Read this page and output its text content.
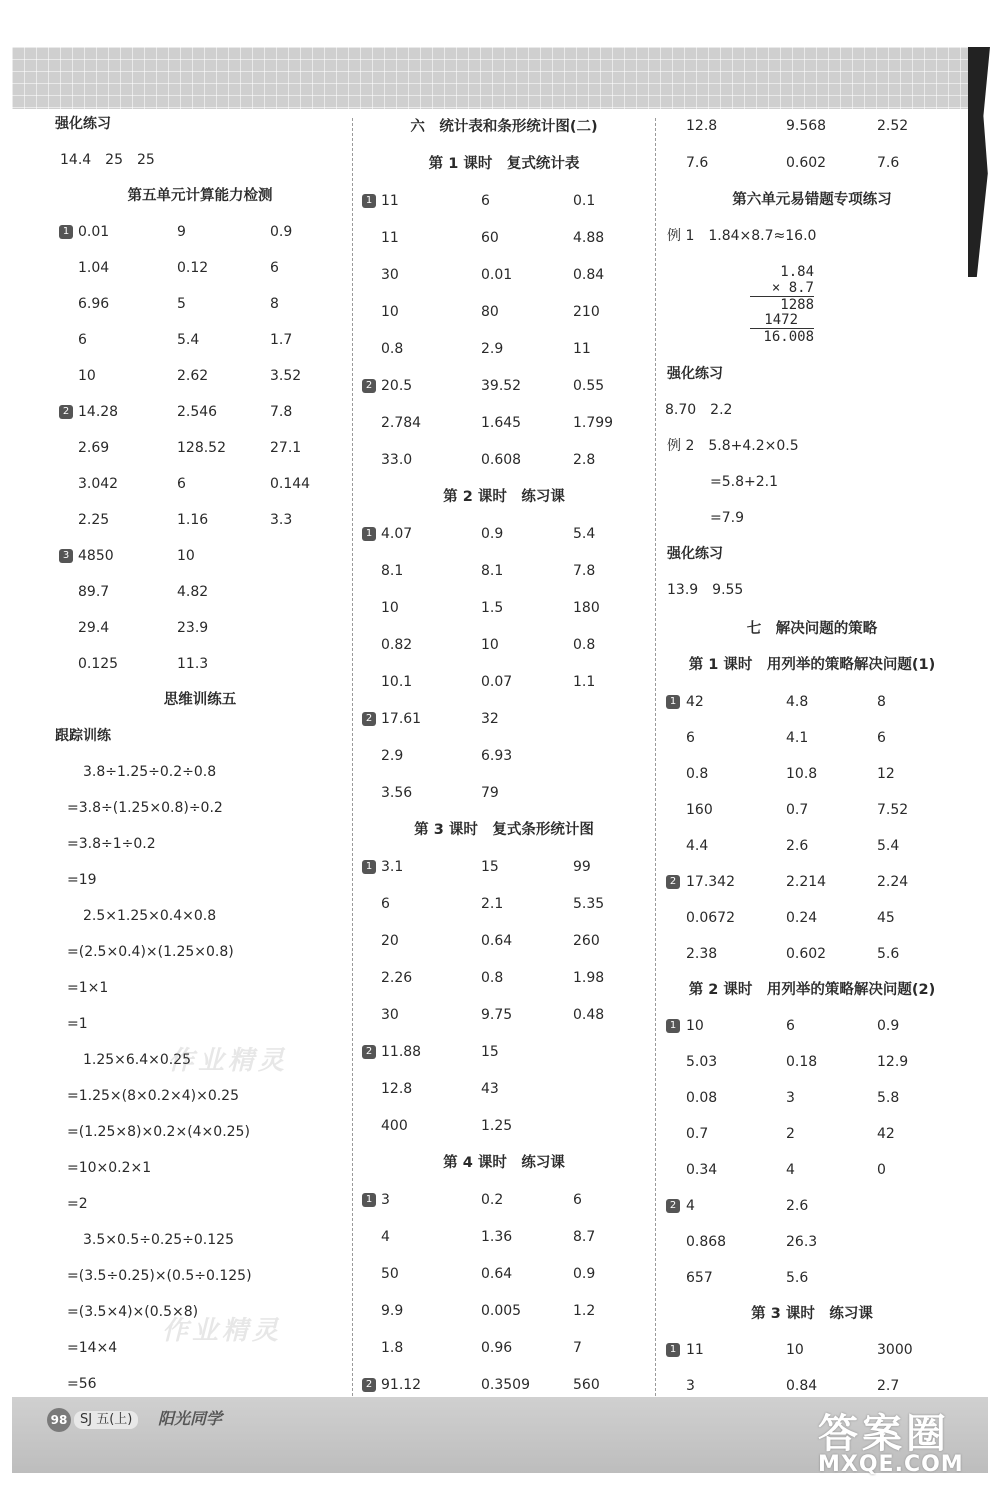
强化练习
14.4　25　25
第五单元计算能力检测
1 0.01	9	0.9
1.04	0.12	6
6.96	5	8
6	5.4	1.7
10	2.62	3.52
2 14.28	2.546	7.8
2.69	128.52	27.1
3.042	6	0.144
2.25	1.16	3.3
3 4850	10
89.7	4.82
29.4	23.9
0.125	11.3
思维训练五
跟踪训练
3.8÷1.25÷0.2÷0.8
=3.8÷(1.25×0.8)÷0.2
=3.8÷1÷0.2
=19
2.5×1.25×0.4×0.8
=(2.5×0.4)×(1.25×0.8)
=1×1
=1
1.25×6.4×0.25
=1.25×(8×0.2×4)×0.25
=(1.25×8)×0.2×(4×0.25)
=10×0.2×1
=2
3.5×0.5÷0.25÷0.125
=(3.5÷0.25)×(0.5÷0.125)
=(3.5×4)×(0.5×8)
=14×4
=56
六　统计表和条形统计图(二)
第 1 课时　复式统计表
1 11	6	0.1
11	60	4.88
30	0.01	0.84
10	80	210
0.8	2.9	11
2 20.5	39.52	0.55
2.784	1.645	1.799
33.0	0.608	2.8
第 2 课时　练习课
1 4.07	0.9	5.4
8.1	8.1	7.8
10	1.5	180
0.82	10	0.8
10.1	0.07	1.1
2 17.61	32
2.9	6.93
3.56	79
第 3 课时　复式条形统计图
1 3.1	15	99
6	2.1	5.35
20	0.64	260
2.26	0.8	1.98
30	9.75	0.48
2 11.88	15
12.8	43
400	1.25
第 4 课时　练习课
1 3	0.2	6
4	1.36	8.7
50	0.64	0.9
9.9	0.005	1.2
1.8	0.96	7
2 91.12	0.3509	560
12.8	9.568	2.52
7.6	0.602	7.6
第六单元易错题专项练习
例 1　1.84×8.7≈16.0
1.84
× 8.7
1288
1472
16.008
强化练习
8.70　2.2
例 2　5.8+4.2×0.5
=5.8+2.1
=7.9
强化练习
13.9　9.55
七　解决问题的策略
第 1 课时　用列举的策略解决问题(1)
1 42	4.8	8
6	4.1	6
0.8	10.8	12
160	0.7	7.52
4.4	2.6	5.4
2 17.342	2.214	2.24
0.0672	0.24	45
2.38	0.602	5.6
第 2 课时　用列举的策略解决问题(2)
1 10	6	0.9
5.03	0.18	12.9
0.08	3	5.8
0.7	2	42
0.34	4	0
2 4	2.6
0.868	26.3
657	5.6
第 3 课时　练习课
1 11	10	3000
3	0.84	2.7
作业精灵
作业精灵
98 SJ 五(上)	阳光同学	答案圈
MXQE.COM
